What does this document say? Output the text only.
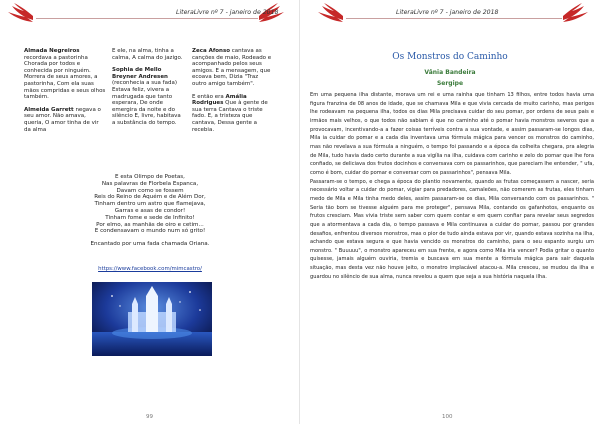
LiteraLivre nº 7 - janeiro de 2018

Almada Negreiros
recordava a pastorinha Chorada por todos e conhecida por ninguém. Morrera de seus amores, a pastorinha, Com ela suas mãos compridas e seus olhos também.

Almeida Garrett negava o seu amor. Não amava, queria, O amor tinha de vir da alma

E ele, na alma, tinha a calma, A calma do jazigo.

Sophia de Mello Breyner Andresen (reconhecia a sua fada) Estava feliz, vivera a madrugada que tanto esperara, De onde emergira da noite e do silêncio E, livre, habitava a substância do tempo.

Zeca Afonso cantava as canções de maio, Rodeado e acompanhado pelos seus amigos. E a mensagem, que ecoava bem, Dizia "Traz outro amigo também".

E então era Amália Rodrigues Que à gente de sua terra Cantava o triste fado. E, a tristeza que cantava, Dessa gente a recebia.

E esta Olimpo de Poetas,
Nas palavras de Florbela Espanca,
Davam como se fossem
Reis do Reino de Aquém e de Além Dor,
Tinham dentro um astro que flamejava,
Garras e asas de condor!
Tinham fome e sede de Infinito!
Por elmo, as manhãs de oiro e cetim...
E condensavam o mundo num só grito!
Encantado por uma fada chamada Oriana.
https://www.facebook.com/mimcastro/
99
LiteraLivre nº 7 - janeiro de 2018
Os Monstros do Caminho
Vânia Bandeira
Sergipe

Em uma pequena ilha distante, morava um rei e uma rainha que tinham 13 filhos, entre todos havia uma figura franzina de 08 anos de idade, que se chamava Mila e que vivia cercada de muito carinho, mas perigos lhe rodeavam na pequena ilha, todos os dias Mila precisava cuidar do seu pomar, por ordens de seus pais e irmãos mais velhos, o que todos não sabiam é que no caminho até o pomar havia monstros severos que a provocavam, incentivando-a a fazer coisas terríveis contra a sua vontade, e assim passaram-se longos dias, Mila ia cuidar do pomar e a cada dia inventava uma fórmula mágica para vencer os monstros do caminho, mas não revelava a sua fórmula a ninguém, o tempo foi passando e a época da colheita chegara, pra alegria de Mila, tudo havia dado certo durante a sua vigília na ilha, cuidava com carinho e zelo do pomar que lhe fora confiado, se deliciava dos frutos docinhos e conversava com os passarinhos, que pareciam lhe entender, " ufa, como é bom, cuidar do pomar e conversar com os passarinhos", pensava Mila.

Passaram-se o tempo, e chega a época do plantio novamente, quando as frutas começassem a nascer, seria necessário voltar a cuidar do pomar, vigiar para predadores, camaleões, não comerem as frutas, eles tinham medo de Mila e Mila tinha medo deles, assim passaram-se os dias, Mila conversando com os passarinhos. " Seria tão bom se tivesse alguém para me proteger", pensava Mila, contando os gafanhotos, enquanto os frutos cresciam. Mas vivia triste sem saber com quem contar e em quem confiar para revelar seus segredos que a atormentava a cada dia, o tempo passava e Mila continuava a cuidar do pomar, passou por grandes desafios, enfrentou diversos monstros, mas o pior de tudo ainda estava por vir, quando estava sozinha na ilha, achando que estava segura e que havia vencido os monstros do caminho, para o seu espanto surgiu um monstro. " Buuuuu", o monstro apareceu em sua frente, e agora como Mila iria vencer? Podia gritar o quanto quisesse, jamais alguém ouviria, tremia e buscava em sua mente a fórmula mágica para sair daquela situação, mas desta vez não houve jeito, o monstro implacável atacou-a. Mila cresceu, se mudou da ilha e guardou no silêncio de sua alma, nunca revelou a quem que seja a sua história naquela ilha.

100
